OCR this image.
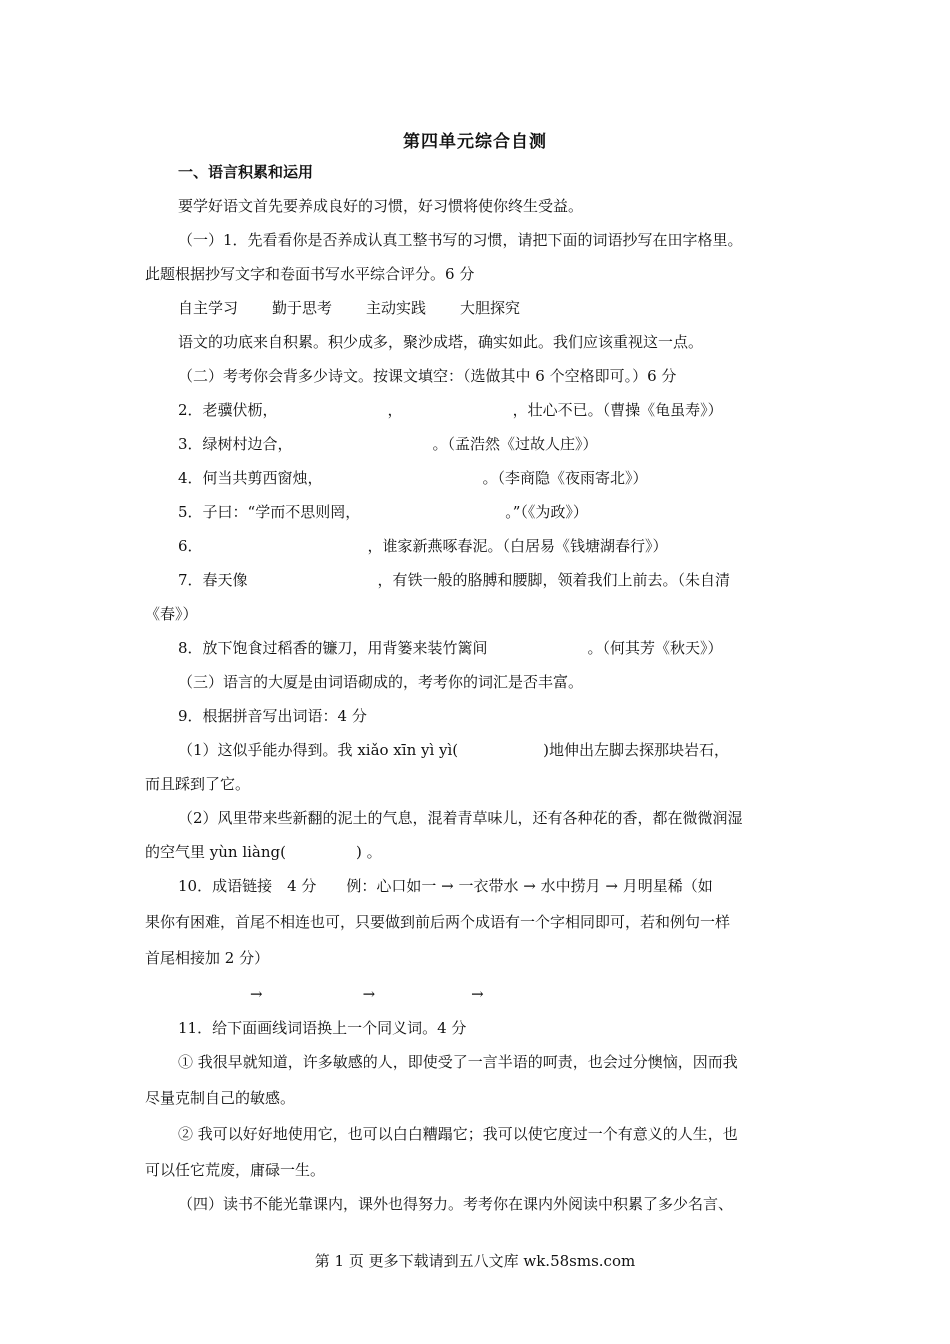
第四单元综合自测
一、语言积累和运用
要学好语文首先要养成良好的习惯，好习惯将使你终生受益。
（一）1．先看看你是否养成认真工整书写的习惯，请把下面的词语抄写在田字格里。
此题根据抄写文字和卷面书写水平综合评分。6 分
自主学习 勤于思考 主动实践 大胆探究
语文的功底来自积累。积少成多，聚沙成塔，确实如此。我们应该重视这一点。
（二）考考你会背多少诗文。按课文填空：（选做其中 6 个空格即可。）6 分
2．老骥伏枥，	，	，壮心不已。（曹操《龟虽寿》）
3．绿树村边合，	。（孟浩然《过故人庄》）
4．何当共剪西窗烛，	。（李商隐《夜雨寄北》）
5．子曰：“学而不思则罔，	。”（《为政》）
6．	，谁家新燕啄春泥。（白居易《钱塘湖春行》）
7．春天像	，有铁一般的胳膊和腰脚，领着我们上前去。（朱自清
《春》）
8．放下饱食过稻香的镰刀，用背篓来装竹篱间	。（何其芳《秋天》）
（三）语言的大厦是由词语砌成的，考考你的词汇是否丰富。
9．根据拼音写出词语：4 分
（1）这似乎能办得到。我 xiǎo xīn yì yì(	)地伸出左脚去探那块岩石，
而且踩到了它。
（2）风里带来些新翻的泥土的气息，混着青草味儿，还有各种花的香，都在微微润湿
的空气里 yùn liàng(	) 。
10．成语链接　4 分　　例：心口如一 → 一衣带水 → 水中捞月 → 月明星稀（如
果你有困难，首尾不相连也可，只要做到前后两个成语有一个字相同即可，若和例句一样
首尾相接加 2 分）
→	→	→
11．给下面画线词语换上一个同义词。4 分
① 我很早就知道，许多敏感的人，即使受了一言半语的呵责，也会过分懊恼，因而我
尽量克制自己的敏感。
② 我可以好好地使用它，也可以白白糟蹋它；我可以使它度过一个有意义的人生，也
可以任它荒废，庸碌一生。
（四）读书不能光靠课内，课外也得努力。考考你在课内外阅读中积累了多少名言、
第 1 页 更多下载请到五八文库 wk.58sms.com
